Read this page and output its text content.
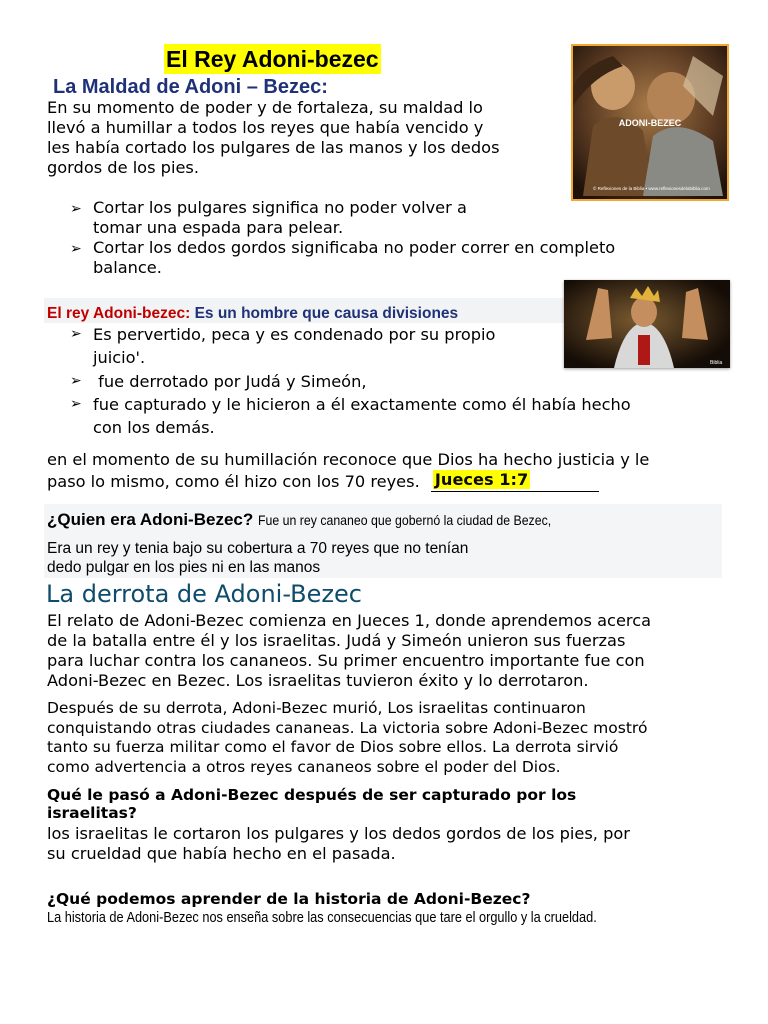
El Rey Adoni-bezec
La Maldad de Adoni – Bezec:
En su momento de poder y de fortaleza, su maldad lo
llevó a humillar a todos los reyes que había vencido y
les había cortado los pulgares de las manos y los dedos
gordos de los pies.
ADONI-BEZEC
© Reflexiones de la Biblia • www.reflexionesdelabiblia.com
➢ Cortar los pulgares significa no poder volver a
tomar una espada para pelear.
➢ Cortar los dedos gordos significaba no poder correr en completo
balance.
El rey Adoni-bezec: Es un hombre que causa divisiones
Biblia
➢ Es pervertido, peca y es condenado por su propio
juicio'.
➢ fue derrotado por Judá y Simeón,
➢ fue capturado y le hicieron a él exactamente como él había hecho
con los demás.
en el momento de su humillación reconoce que Dios ha hecho justicia y le
paso lo mismo, como él hizo con los 70 reyes. Jueces 1:7
¿Quien era Adoni-Bezec? Fue un rey cananeo que gobernó la ciudad de Bezec,
Era un rey y tenia bajo su cobertura a 70 reyes que no tenían
dedo pulgar en los pies ni en las manos
La derrota de Adoni-Bezec
El relato de Adoni-Bezec comienza en Jueces 1, donde aprendemos acerca
de la batalla entre él y los israelitas. Judá y Simeón unieron sus fuerzas
para luchar contra los cananeos. Su primer encuentro importante fue con
Adoni-Bezec en Bezec. Los israelitas tuvieron éxito y lo derrotaron.
Después de su derrota, Adoni-Bezec murió, Los israelitas continuaron
conquistando otras ciudades cananeas. La victoria sobre Adoni-Bezec mostró
tanto su fuerza militar como el favor de Dios sobre ellos. La derrota sirvió
como advertencia a otros reyes cananeos sobre el poder del Dios.
Qué le pasó a Adoni-Bezec después de ser capturado por los
israelitas?
los israelitas le cortaron los pulgares y los dedos gordos de los pies, por
su crueldad que había hecho en el pasada.
¿Qué podemos aprender de la historia de Adoni-Bezec?
La historia de Adoni-Bezec nos enseña sobre las consecuencias que tare el orgullo y la crueldad.
